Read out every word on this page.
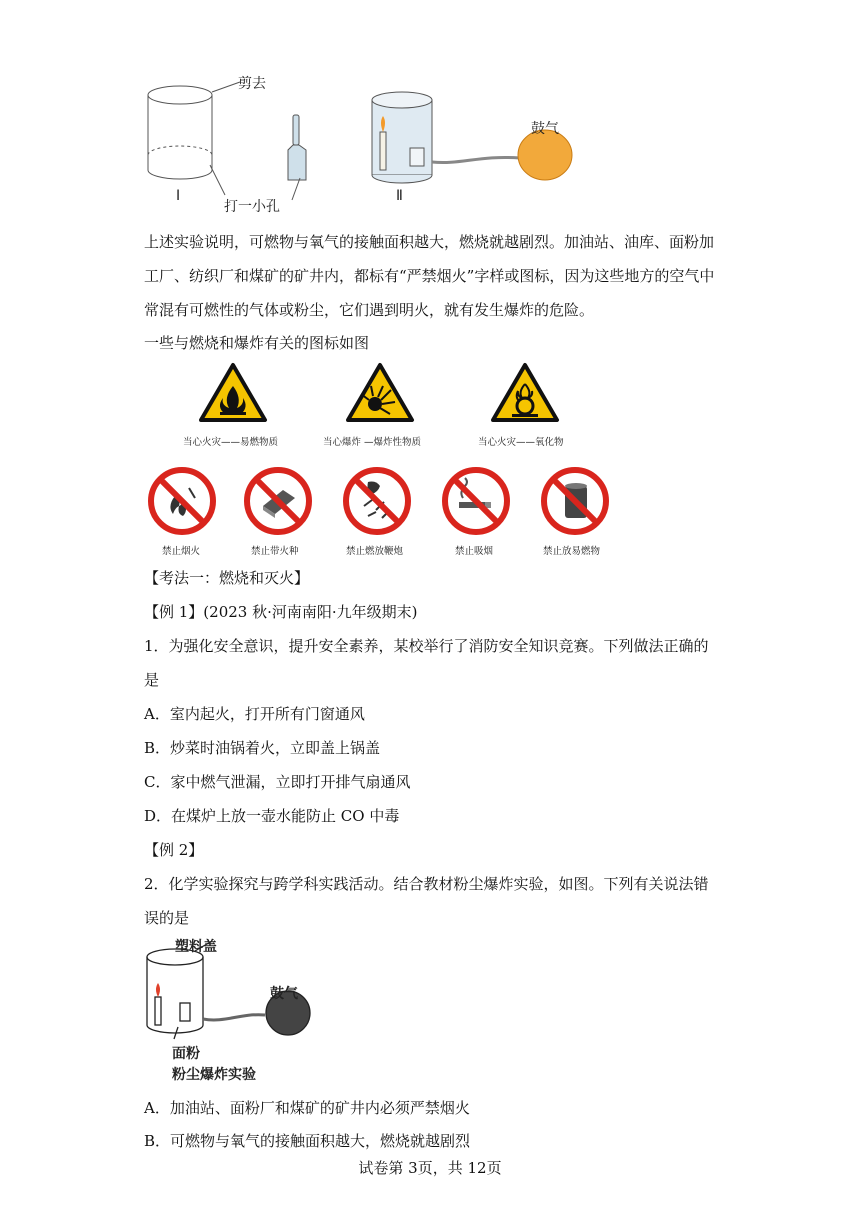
剪去
打一小孔
Ⅰ	Ⅱ
鼓气
上述实验说明，可燃物与氧气的接触面积越大，燃烧就越剧烈。加油站、油库、面粉加工厂、纺织厂和煤矿的矿井内，都标有“严禁烟火”字样或图标，因为这些地方的空气中常混有可燃性的气体或粉尘，它们遇到明火，就有发生爆炸的危险。
一些与燃烧和爆炸有关的图标如图
当心火灾——易燃物质	当心爆炸 —爆炸性物质	当心火灾——氧化物
禁止烟火	禁止带火种	禁止燃放鞭炮	禁止吸烟	禁止放易燃物
【考法一：燃烧和灭火】
【例 1】(2023 秋·河南南阳·九年级期末)
1．为强化安全意识，提升安全素养，某校举行了消防安全知识竞赛。下列做法正确的
是
A．室内起火，打开所有门窗通风
B．炒菜时油锅着火，立即盖上锅盖
C．家中燃气泄漏，立即打开排气扇通风
D．在煤炉上放一壶水能防止 CO 中毒
【例 2】
2．化学实验探究与跨学科实践活动。结合教材粉尘爆炸实验，如图。下列有关说法错
误的是
塑料盖
鼓气
面粉
粉尘爆炸实验
A．加油站、面粉厂和煤矿的矿井内必须严禁烟火
B．可燃物与氧气的接触面积越大，燃烧就越剧烈
试卷第 3页，共 12页
